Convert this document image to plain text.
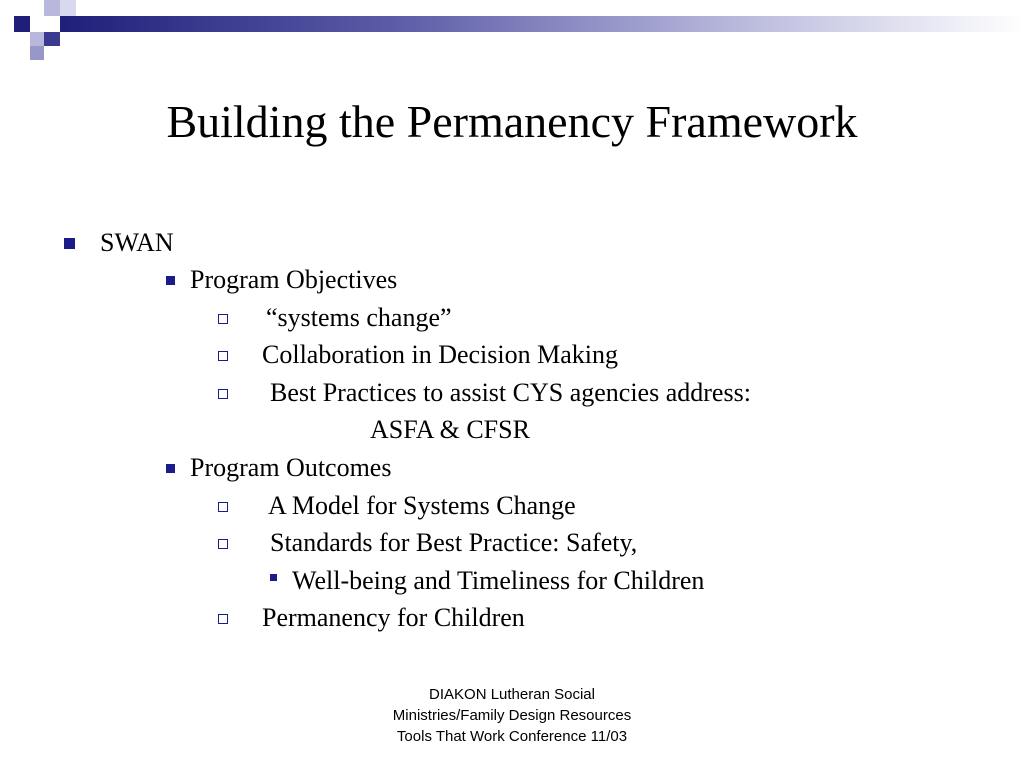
Building the Permanency Framework
SWAN
Program Objectives
“systems change”
Collaboration in Decision Making
Best Practices to assist CYS agencies address:
ASFA & CFSR
Program Outcomes
A Model for Systems Change
Standards for Best Practice: Safety,
Well-being and Timeliness for Children
Permanency for Children
DIAKON Lutheran Social
Ministries/Family Design Resources
Tools That Work Conference 11/03
